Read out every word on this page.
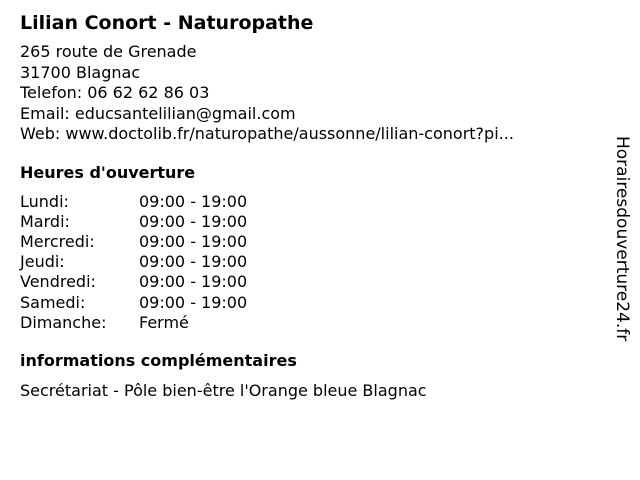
Lilian Conort - Naturopathe
265 route de Grenade
31700 Blagnac
Telefon: 06 62 62 86 03
Email: educsantelilian@gmail.com
Web: www.doctolib.fr/naturopathe/aussonne/lilian-conort?pi...
Heures d'ouverture
Lundi:	09:00 - 19:00
Mardi:	09:00 - 19:00
Mercredi:	09:00 - 19:00
Jeudi:	09:00 - 19:00
Vendredi:	09:00 - 19:00
Samedi:	09:00 - 19:00
Dimanche:	Fermé
informations complémentaires
Secrétariat - Pôle bien-être l'Orange bleue Blagnac
Horairesdouverture24.fr
